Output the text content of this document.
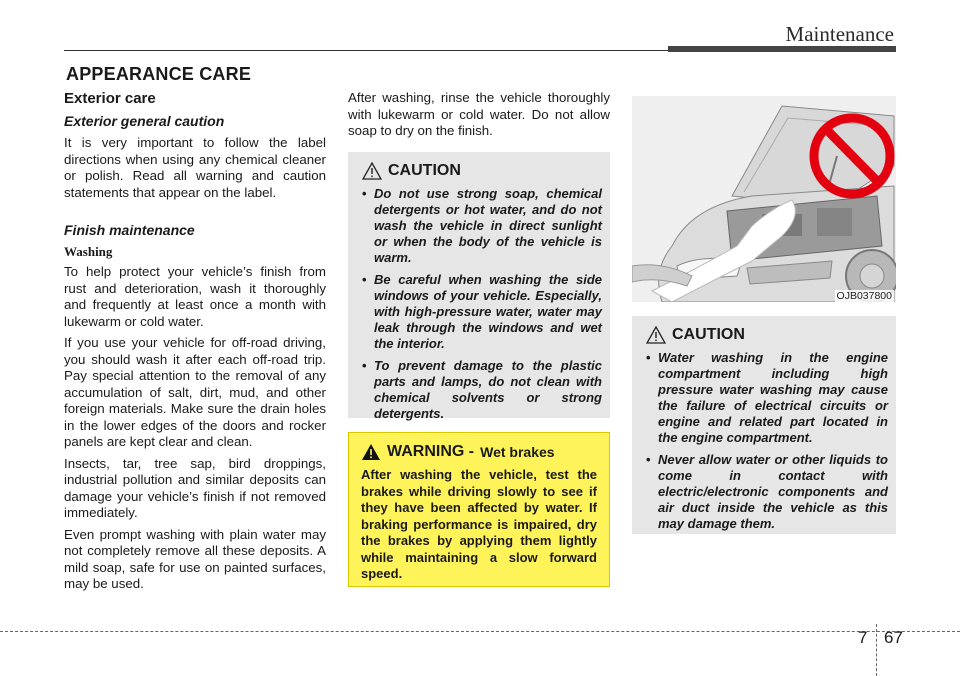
Maintenance
APPEARANCE CARE
Exterior care
Exterior general caution

It is very important to follow the label directions when using any chemical cleaner or polish. Read all warning and caution statements that appear on the label.

Finish maintenance
Washing

To help protect your vehicle’s finish from rust and deterioration, wash it thoroughly and frequently at least once a month with lukewarm or cold water.

If you use your vehicle for off-road driving, you should wash it after each off-road trip. Pay special attention to the removal of any accumulation of salt, dirt, mud, and other foreign materials. Make sure the drain holes in the lower edges of the doors and rocker panels are kept clear and clean.

Insects, tar, tree sap, bird droppings, industrial pollution and similar deposits can damage your vehicle’s finish if not removed immediately.

Even prompt washing with plain water may not completely remove all these deposits. A mild soap, safe for use on painted surfaces, may be used.

After washing, rinse the vehicle thoroughly with lukewarm or cold water. Do not allow soap to dry on the finish.

CAUTION
• Do not use strong soap, chemical detergents or hot water, and do not wash the vehicle in direct sunlight or when the body of the vehicle is warm.
• Be careful when washing the side windows of your vehicle. Especially, with high-pressure water, water may leak through the windows and wet the interior.
• To prevent damage to the plastic parts and lamps, do not clean with chemical solvents or strong detergents.
WARNING - Wet brakes
After washing the vehicle, test the brakes while driving slowly to see if they have been affected by water. If braking performance is impaired, dry the brakes by applying them lightly while maintaining a slow forward speed.
OJB037800
CAUTION
• Water washing in the engine compartment including high pressure water washing may cause the failure of electrical circuits or engine and related part located in the engine compartment.
• Never allow water or other liquids to come in contact with electric/electronic components and air duct inside the vehicle as this may damage them.
7 67
